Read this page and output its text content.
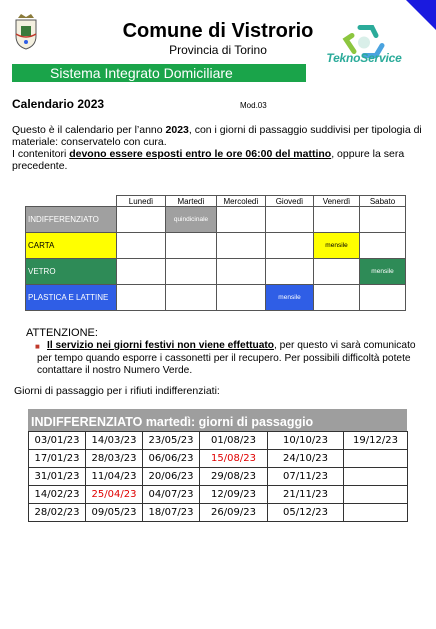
Comune di Vistrorio
Provincia di Torino
TeknoService
Sistema Integrato Domiciliare
Calendario 2023	Mod.03
Questo è il calendario per l’anno 2023, con i giorni di passaggio suddivisi per tipologia di materiale: conservatelo con cura.
I contenitori devono essere esposti entro le ore 06:00 del mattino, oppure la sera precedente.
	Lunedì	Martedì	Mercoledì	Giovedì	Venerdì	Sabato
INDIFFERENZIATO		quindicinale				
CARTA					mensile	
VETRO						mensile
PLASTICA E LATTINE				mensile		
ATTENZIONE:
■ Il servizio nei giorni festivi non viene effettuato, per questo vi sarà comunicato per tempo quando esporre i cassonetti per il recupero. Per possibili difficoltà potete contattare il nostro Numero Verde.
Giorni di passaggio per i rifiuti indifferenziati:
INDIFFERENZIATO martedì: giorni di passaggio
03/01/23	14/03/23	23/05/23	01/08/23	10/10/23	19/12/23
17/01/23	28/03/23	06/06/23	15/08/23	24/10/23	
31/01/23	11/04/23	20/06/23	29/08/23	07/11/23	
14/02/23	25/04/23	04/07/23	12/09/23	21/11/23	
28/02/23	09/05/23	18/07/23	26/09/23	05/12/23	
